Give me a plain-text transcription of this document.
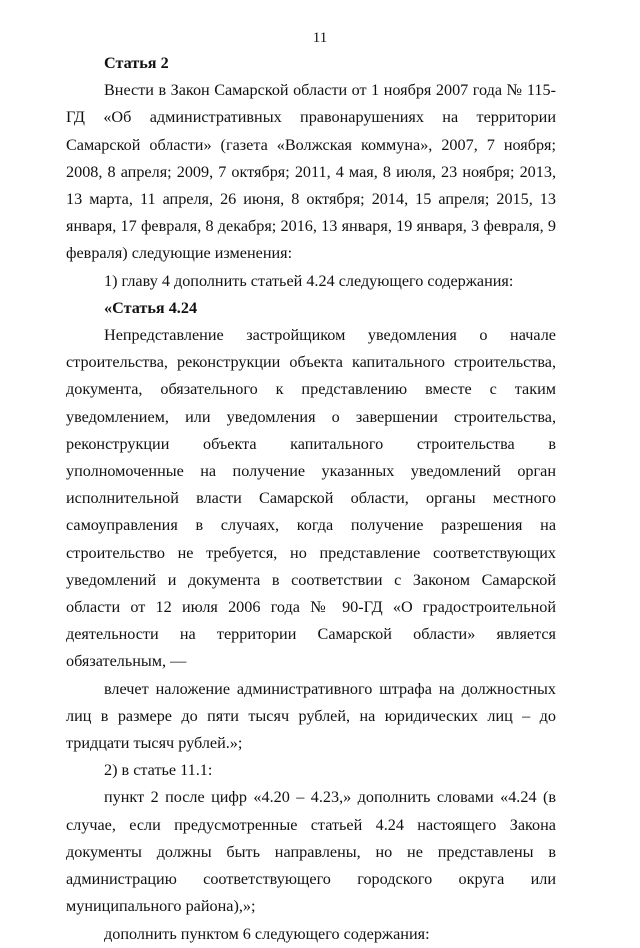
11

Статья 2

Внести в Закон Самарской области от 1 ноября 2007 года № 115-ГД «Об административных правонарушениях на территории Самарской области» (газета «Волжская коммуна», 2007, 7 ноября; 2008, 8 апреля; 2009, 7 октября; 2011, 4 мая, 8 июля, 23 ноября; 2013, 13 марта, 11 апреля, 26 июня, 8 октября; 2014, 15 апреля; 2015, 13 января, 17 февраля, 8 декабря; 2016, 13 января, 19 января, 3 февраля, 9 февраля) следующие изменения:

1) главу 4 дополнить статьей 4.24 следующего содержания:

«Статья 4.24

Непредставление застройщиком уведомления о начале строительства, реконструкции объекта капитального строительства, документа, обязательного к представлению вместе с таким уведомлением, или уведомления о завершении строительства, реконструкции объекта капитального строительства в уполномоченные на получение указанных уведомлений орган исполнительной власти Самарской области, органы местного самоуправления в случаях, когда получение разрешения на строительство не требуется, но представление соответствующих уведомлений и документа в соответствии с Законом Самарской области от 12 июля 2006 года № 90-ГД «О градостроительной деятельности на территории Самарской области» является обязательным, —

влечет наложение административного штрафа на должностных лиц в размере до пяти тысяч рублей, на юридических лиц – до тридцати тысяч рублей.»;

2) в статье 11.1:

пункт 2 после цифр «4.20 – 4.23,» дополнить словами «4.24 (в случае, если предусмотренные статьей 4.24 настоящего Закона документы должны быть направлены, но не представлены в администрацию соответствующего городского округа или муниципального района),»;

дополнить пунктом 6 следующего содержания:
